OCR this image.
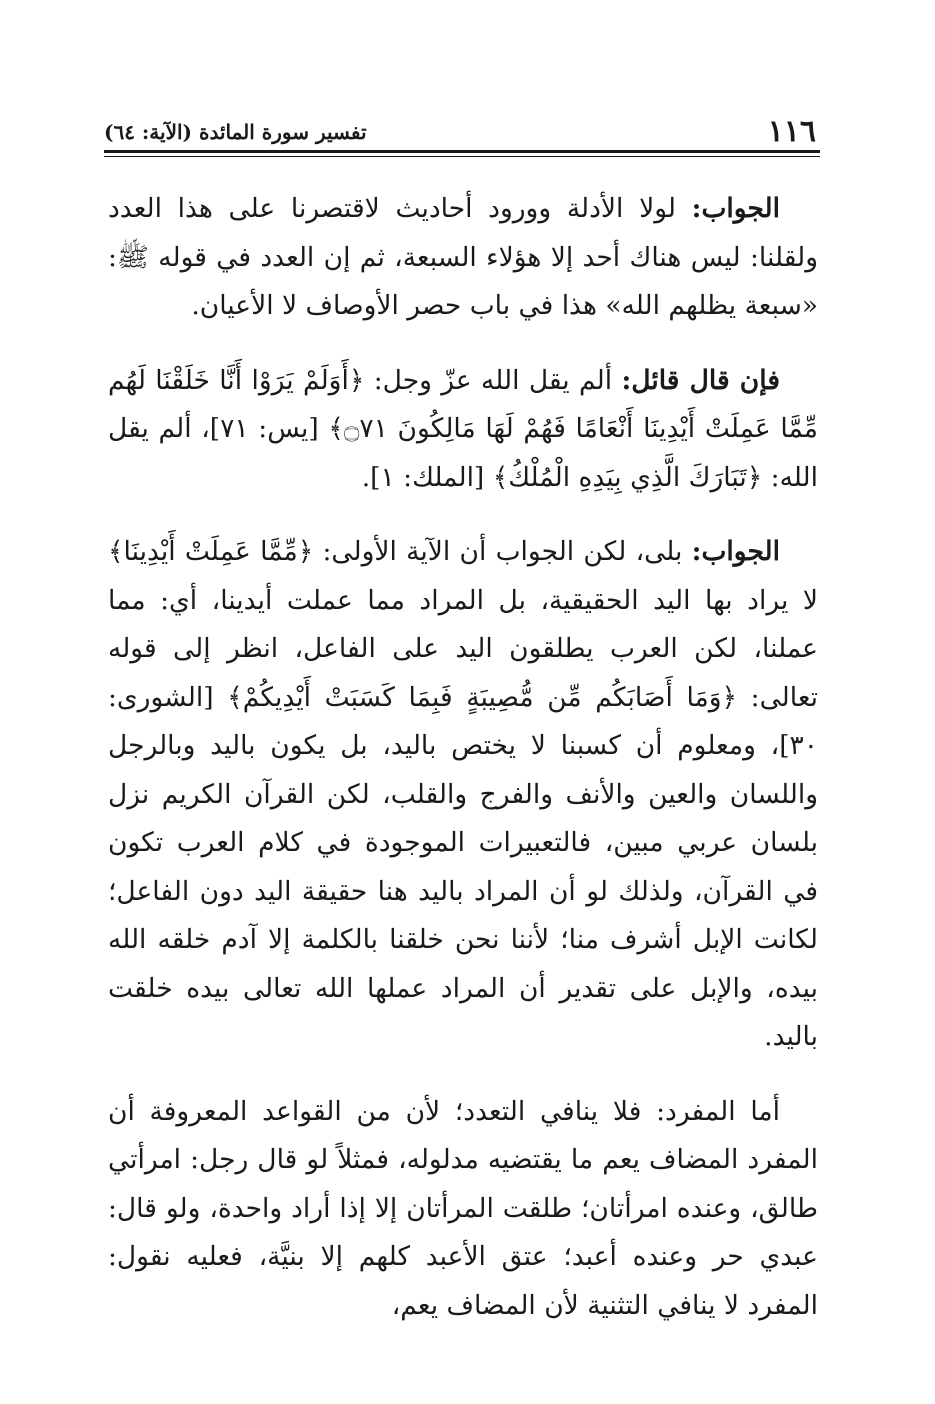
١١٦
تفسير سورة المائدة (الآية: ٦٤)

الجواب: لولا الأدلة وورود أحاديث لاقتصرنا على هذا العدد ولقلنا: ليس هناك أحد إلا هؤلاء السبعة، ثم إن العدد في قوله ﷺ: «سبعة يظلهم الله» هذا في باب حصر الأوصاف لا الأعيان.

فإن قال قائل: ألم يقل الله عزّ وجل: ﴿أَوَلَمْ يَرَوْا أَنَّا خَلَقْنَا لَهُم مِّمَّا عَمِلَتْ أَيْدِينَا أَنْعَامًا فَهُمْ لَهَا مَالِكُونَ ۝٧١﴾ [يس: ٧١]، ألم يقل الله: ﴿تَبَارَكَ الَّذِي بِيَدِهِ الْمُلْكُ﴾ [الملك: ١].

الجواب: بلى، لكن الجواب أن الآية الأولى: ﴿مِّمَّا عَمِلَتْ أَيْدِينَا﴾ لا يراد بها اليد الحقيقية، بل المراد مما عملت أيدينا، أي: مما عملنا، لكن العرب يطلقون اليد على الفاعل، انظر إلى قوله تعالى: ﴿وَمَا أَصَابَكُم مِّن مُّصِيبَةٍ فَبِمَا كَسَبَتْ أَيْدِيكُمْ﴾ [الشورى: ٣٠]، ومعلوم أن كسبنا لا يختص باليد، بل يكون باليد وبالرجل واللسان والعين والأنف والفرج والقلب، لكن القرآن الكريم نزل بلسان عربي مبين، فالتعبيرات الموجودة في كلام العرب تكون في القرآن، ولذلك لو أن المراد باليد هنا حقيقة اليد دون الفاعل؛ لكانت الإبل أشرف منا؛ لأننا نحن خلقنا بالكلمة إلا آدم خلقه الله بيده، والإبل على تقدير أن المراد عملها الله تعالى بيده خلقت باليد.

أما المفرد: فلا ينافي التعدد؛ لأن من القواعد المعروفة أن المفرد المضاف يعم ما يقتضيه مدلوله، فمثلاً لو قال رجل: امرأتي طالق، وعنده امرأتان؛ طلقت المرأتان إلا إذا أراد واحدة، ولو قال: عبدي حر وعنده أعبد؛ عتق الأعبد كلهم إلا بنيَّة، فعليه نقول: المفرد لا ينافي التثنية لأن المضاف يعم،
